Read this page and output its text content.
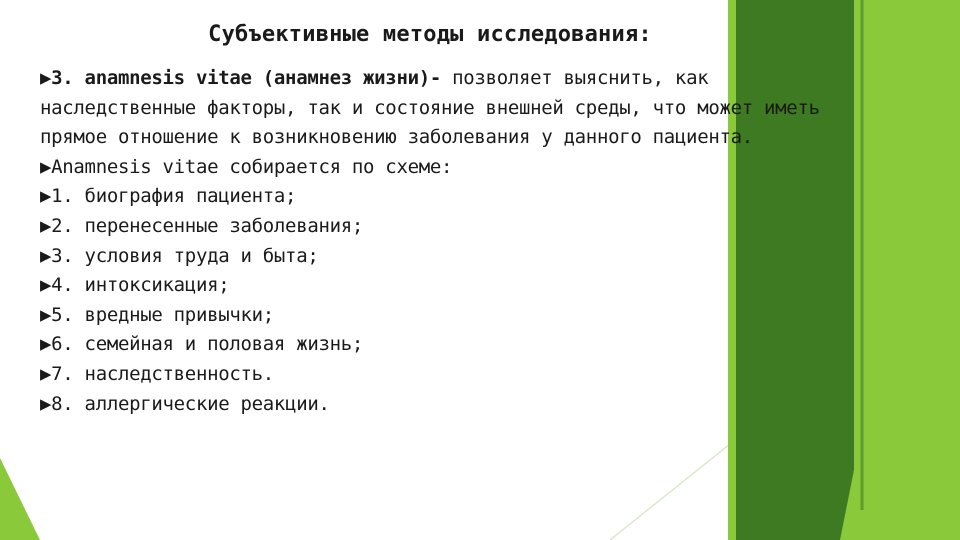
Субъективные методы исследования:

▶3. anamnesis vitae (анамнез жизни)- позволяет выяснить, как наследственные факторы, так и состояние внешней среды, что может иметь прямое отношение к возникновению заболевания у данного пациента.

▶Anamnesis vitae собирается по схеме:

▶1. биография пациента;

▶2. перенесенные заболевания;

▶3. условия труда и быта;

▶4. интоксикация;

▶5. вредные привычки;

▶6. семейная и половая жизнь;

▶7. наследственность.

▶8. аллергические реакции.
